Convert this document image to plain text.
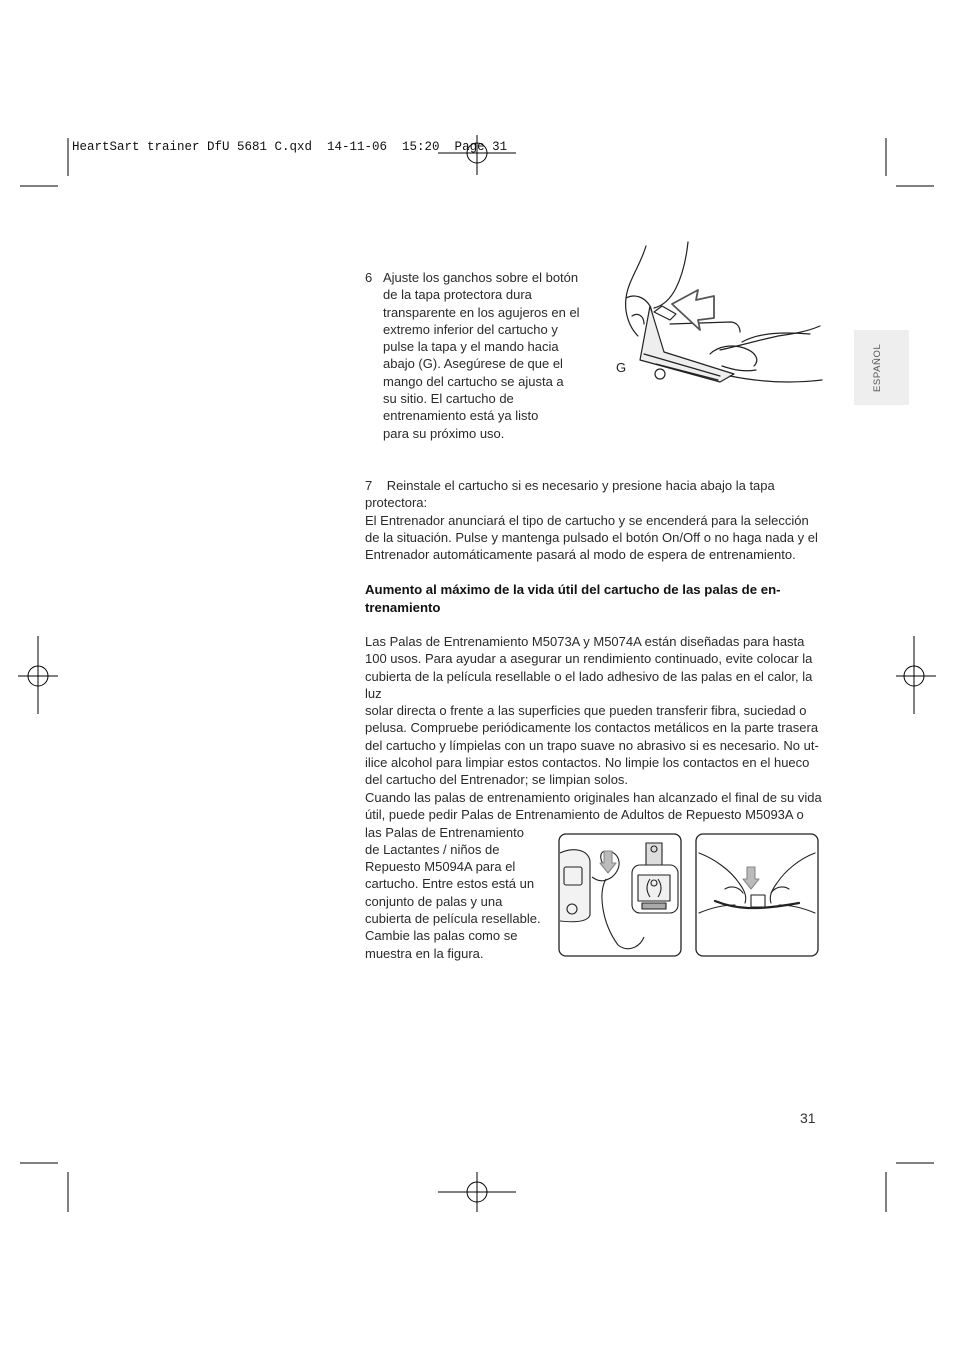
HeartSart trainer DfU 5681 C.qxd  14-11-06  15:20  Page 31
ESPAÑOL
6 Ajuste los ganchos sobre el botón
de la tapa protectora dura
transparente en los agujeros en el
extremo inferior del cartucho y
pulse la tapa y el mando hacia
abajo (G). Asegúrese de que el
mango del cartucho se ajusta a
su sitio. El cartucho de
entrenamiento está ya listo
para su próximo uso.
G
7 Reinstale el cartucho si es necesario y presione hacia abajo la tapa protectora:
El Entrenador anunciará el tipo de cartucho y se encenderá para la selección
de la situación. Pulse y mantenga pulsado el botón On/Off o no haga nada y el
Entrenador automáticamente pasará al modo de espera de entrenamiento.
Aumento al máximo de la vida útil del cartucho de las palas de en-
trenamiento
Las Palas de Entrenamiento M5073A y M5074A están diseñadas para hasta
100 usos. Para ayudar a asegurar un rendimiento continuado, evite colocar la
cubierta de la película resellable o el lado adhesivo de las palas en el calor, la luz
solar directa o frente a las superficies que pueden transferir fibra, suciedad o
pelusa. Compruebe periódicamente los contactos metálicos en la parte trasera
del cartucho y límpielas con un trapo suave no abrasivo si es necesario. No ut-
ilice alcohol para limpiar estos contactos. No limpie los contactos en el hueco
del cartucho del Entrenador; se limpian solos.
Cuando las palas de entrenamiento originales han alcanzado el final de su vida
útil, puede pedir Palas de Entrenamiento de Adultos de Repuesto M5093A o
las Palas de Entrenamiento
de Lactantes / niños de
Repuesto M5094A para el
cartucho. Entre estos está un
conjunto de palas y una
cubierta de película resellable.
Cambie las palas como se
muestra en la figura.
31
